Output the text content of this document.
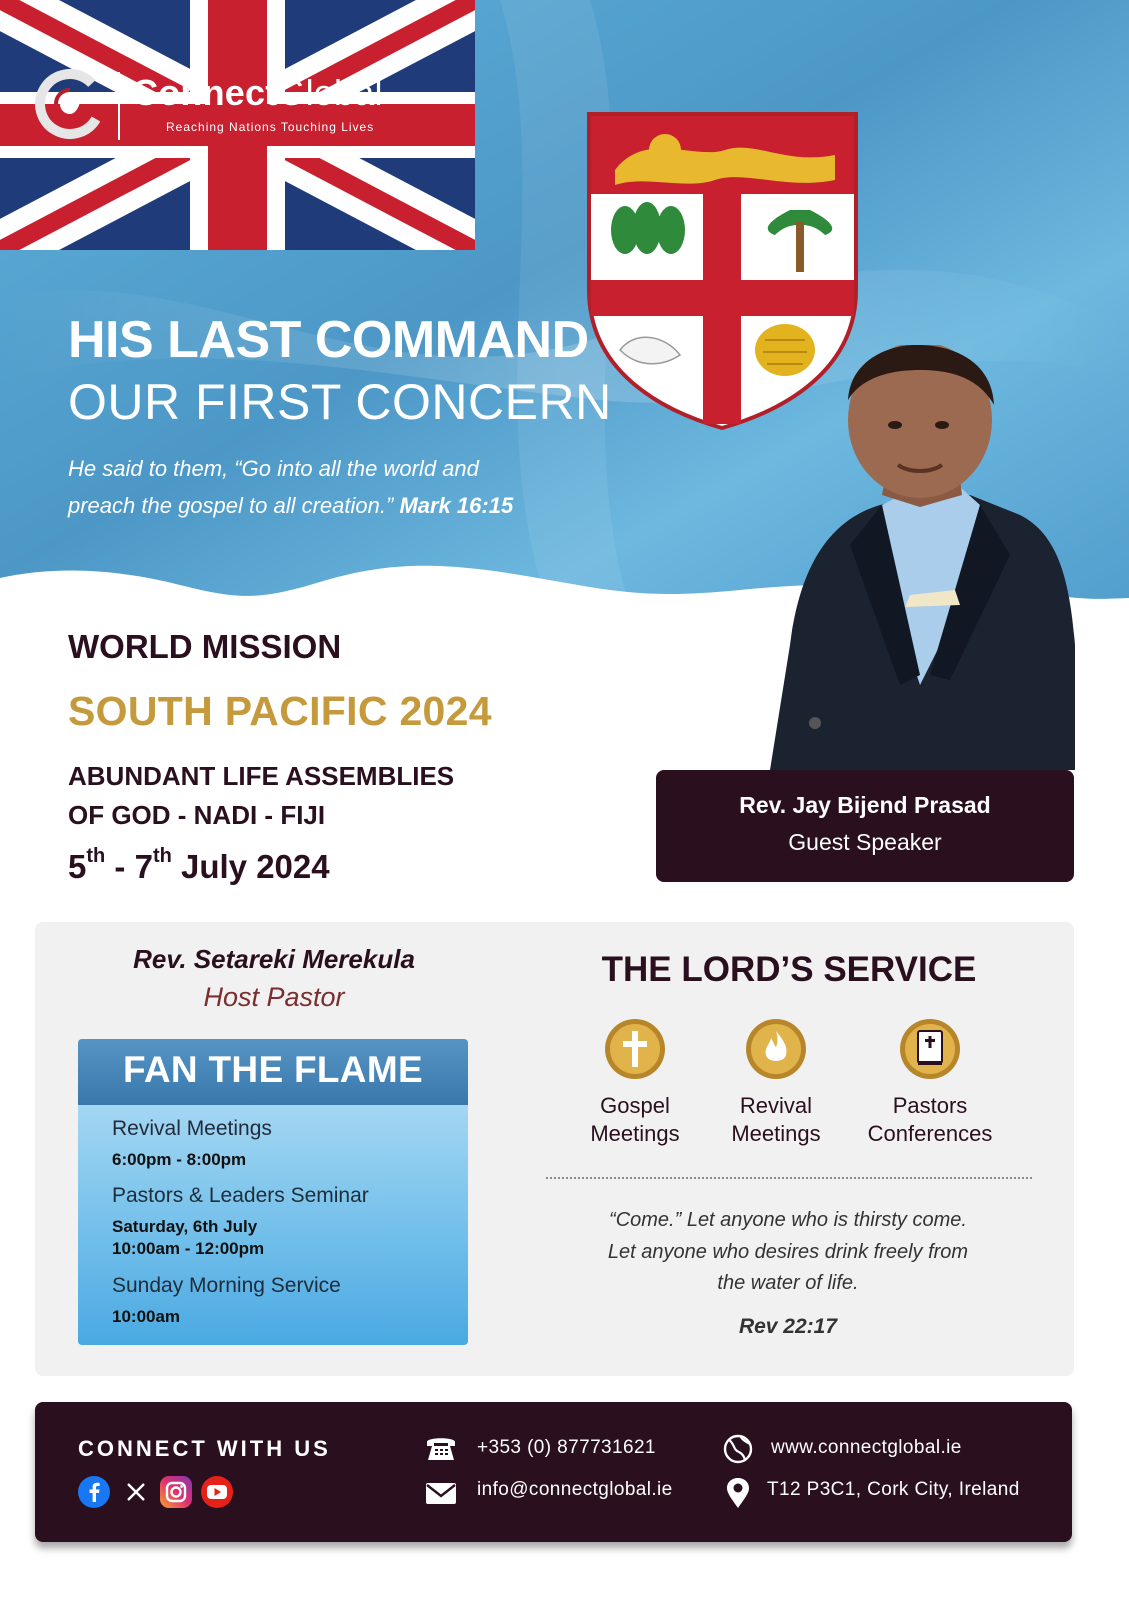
ConnectGlobal
Reaching Nations Touching Lives
HIS LAST COMMAND
OUR FIRST CONCERN
He said to them, “Go into all the world and
preach the gospel to all creation.” Mark 16:15
WORLD MISSION
SOUTH PACIFIC 2024
ABUNDANT LIFE ASSEMBLIES
OF GOD - NADI - FIJI
5th - 7th July 2024
Rev. Jay Bijend Prasad
Guest Speaker
Rev. Setareki Merekula
Host Pastor
FAN THE FLAME
Revival Meetings
6:00pm - 8:00pm
Pastors & Leaders Seminar
Saturday, 6th July
10:00am - 12:00pm
Sunday Morning Service
10:00am
THE LORD’S SERVICE
Gospel
Meetings
Revival
Meetings
Pastors
Conferences
“Come.” Let anyone who is thirsty come.
Let anyone who desires drink freely from
the water of life.
Rev 22:17
CONNECT WITH US	+353 (0) 877731621
info@connectglobal.ie
www.connectglobal.ie
T12 P3C1, Cork City, Ireland
